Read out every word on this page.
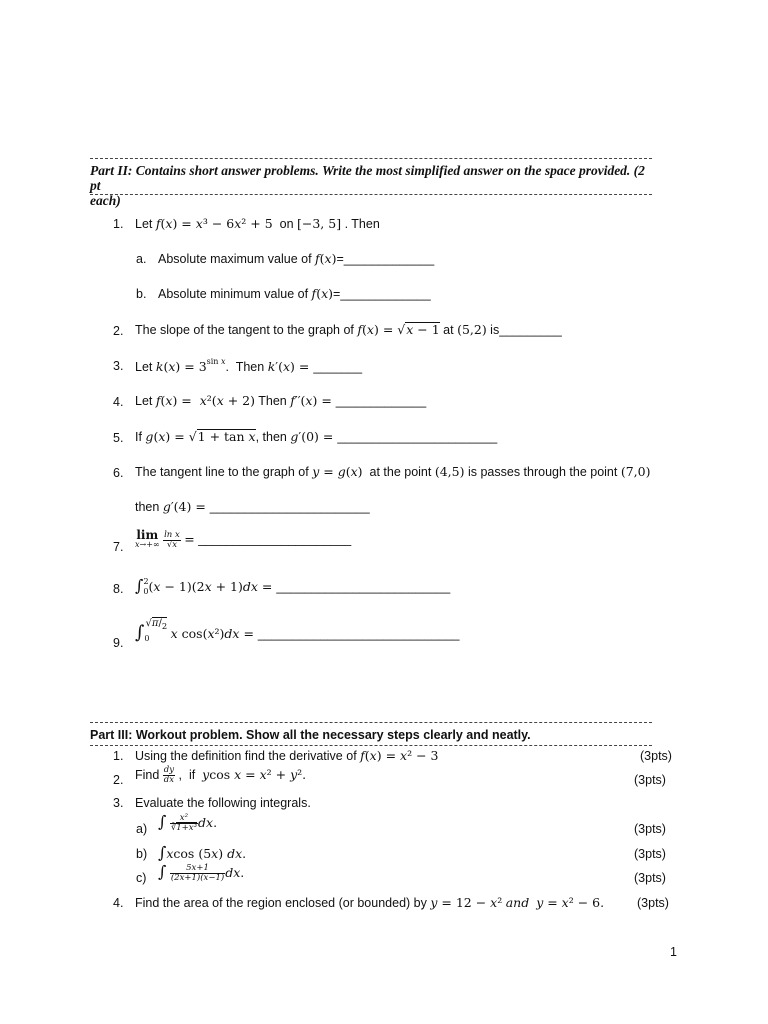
Part II: Contains short answer problems. Write the most simplified answer on the space provided. (2 pt
each)
1. Let f(x) = x³ − 6x² + 5  on [−3, 5] . Then
a. Absolute maximum value of f(x)=_____________
b. Absolute minimum value of f(x)=_____________
2. The slope of the tangent to the graph of f(x) = √x − 1 at (5,2) is_________
3. Let $k(x) = 3^{sin x}$.  Then k′(x) = _______
4. Let f(x) =  x²(x + 2) Then f′′(x) = _____________
5. If g(x) = √1 + tan x, then g′(0) = _______________________
6. The tangent line to the graph of y = g(x)  at the point (4,5) is passes through the point (7,0)
then g′(4) = _______________________
7.
lim
x→+∞
$\frac{\text{ln x}}{√x}$ = ______________________
8. $\int_0^2(x - 1)(2x + 1)dx$ = _________________________
9. $\int_0^{√\pi/_2}$ x cos(x²)dx = _____________________________
Part III: Workout problem. Show all the necessary steps clearly and neatly.
1. Using the definition find the derivative of f(x) = x² − 3	(3pts)
2. Find $\frac{dy}{dx}$ ,  if  ycos x = x² + y².	(3pts)
3. Evaluate the following integrals.
a) ∫ $\frac{\text{x²}}{\text{∛1+x³}}$ dx.	(3pts)
b) ∫xcos (5x) dx.	(3pts)
c) ∫ $\frac{5x+1}{(2x+1)(x-1)}$ dx.	(3pts)
4. Find the area of the region enclosed (or bounded) by y = 12 − x² and y = x² − 6.	(3pts)
1
